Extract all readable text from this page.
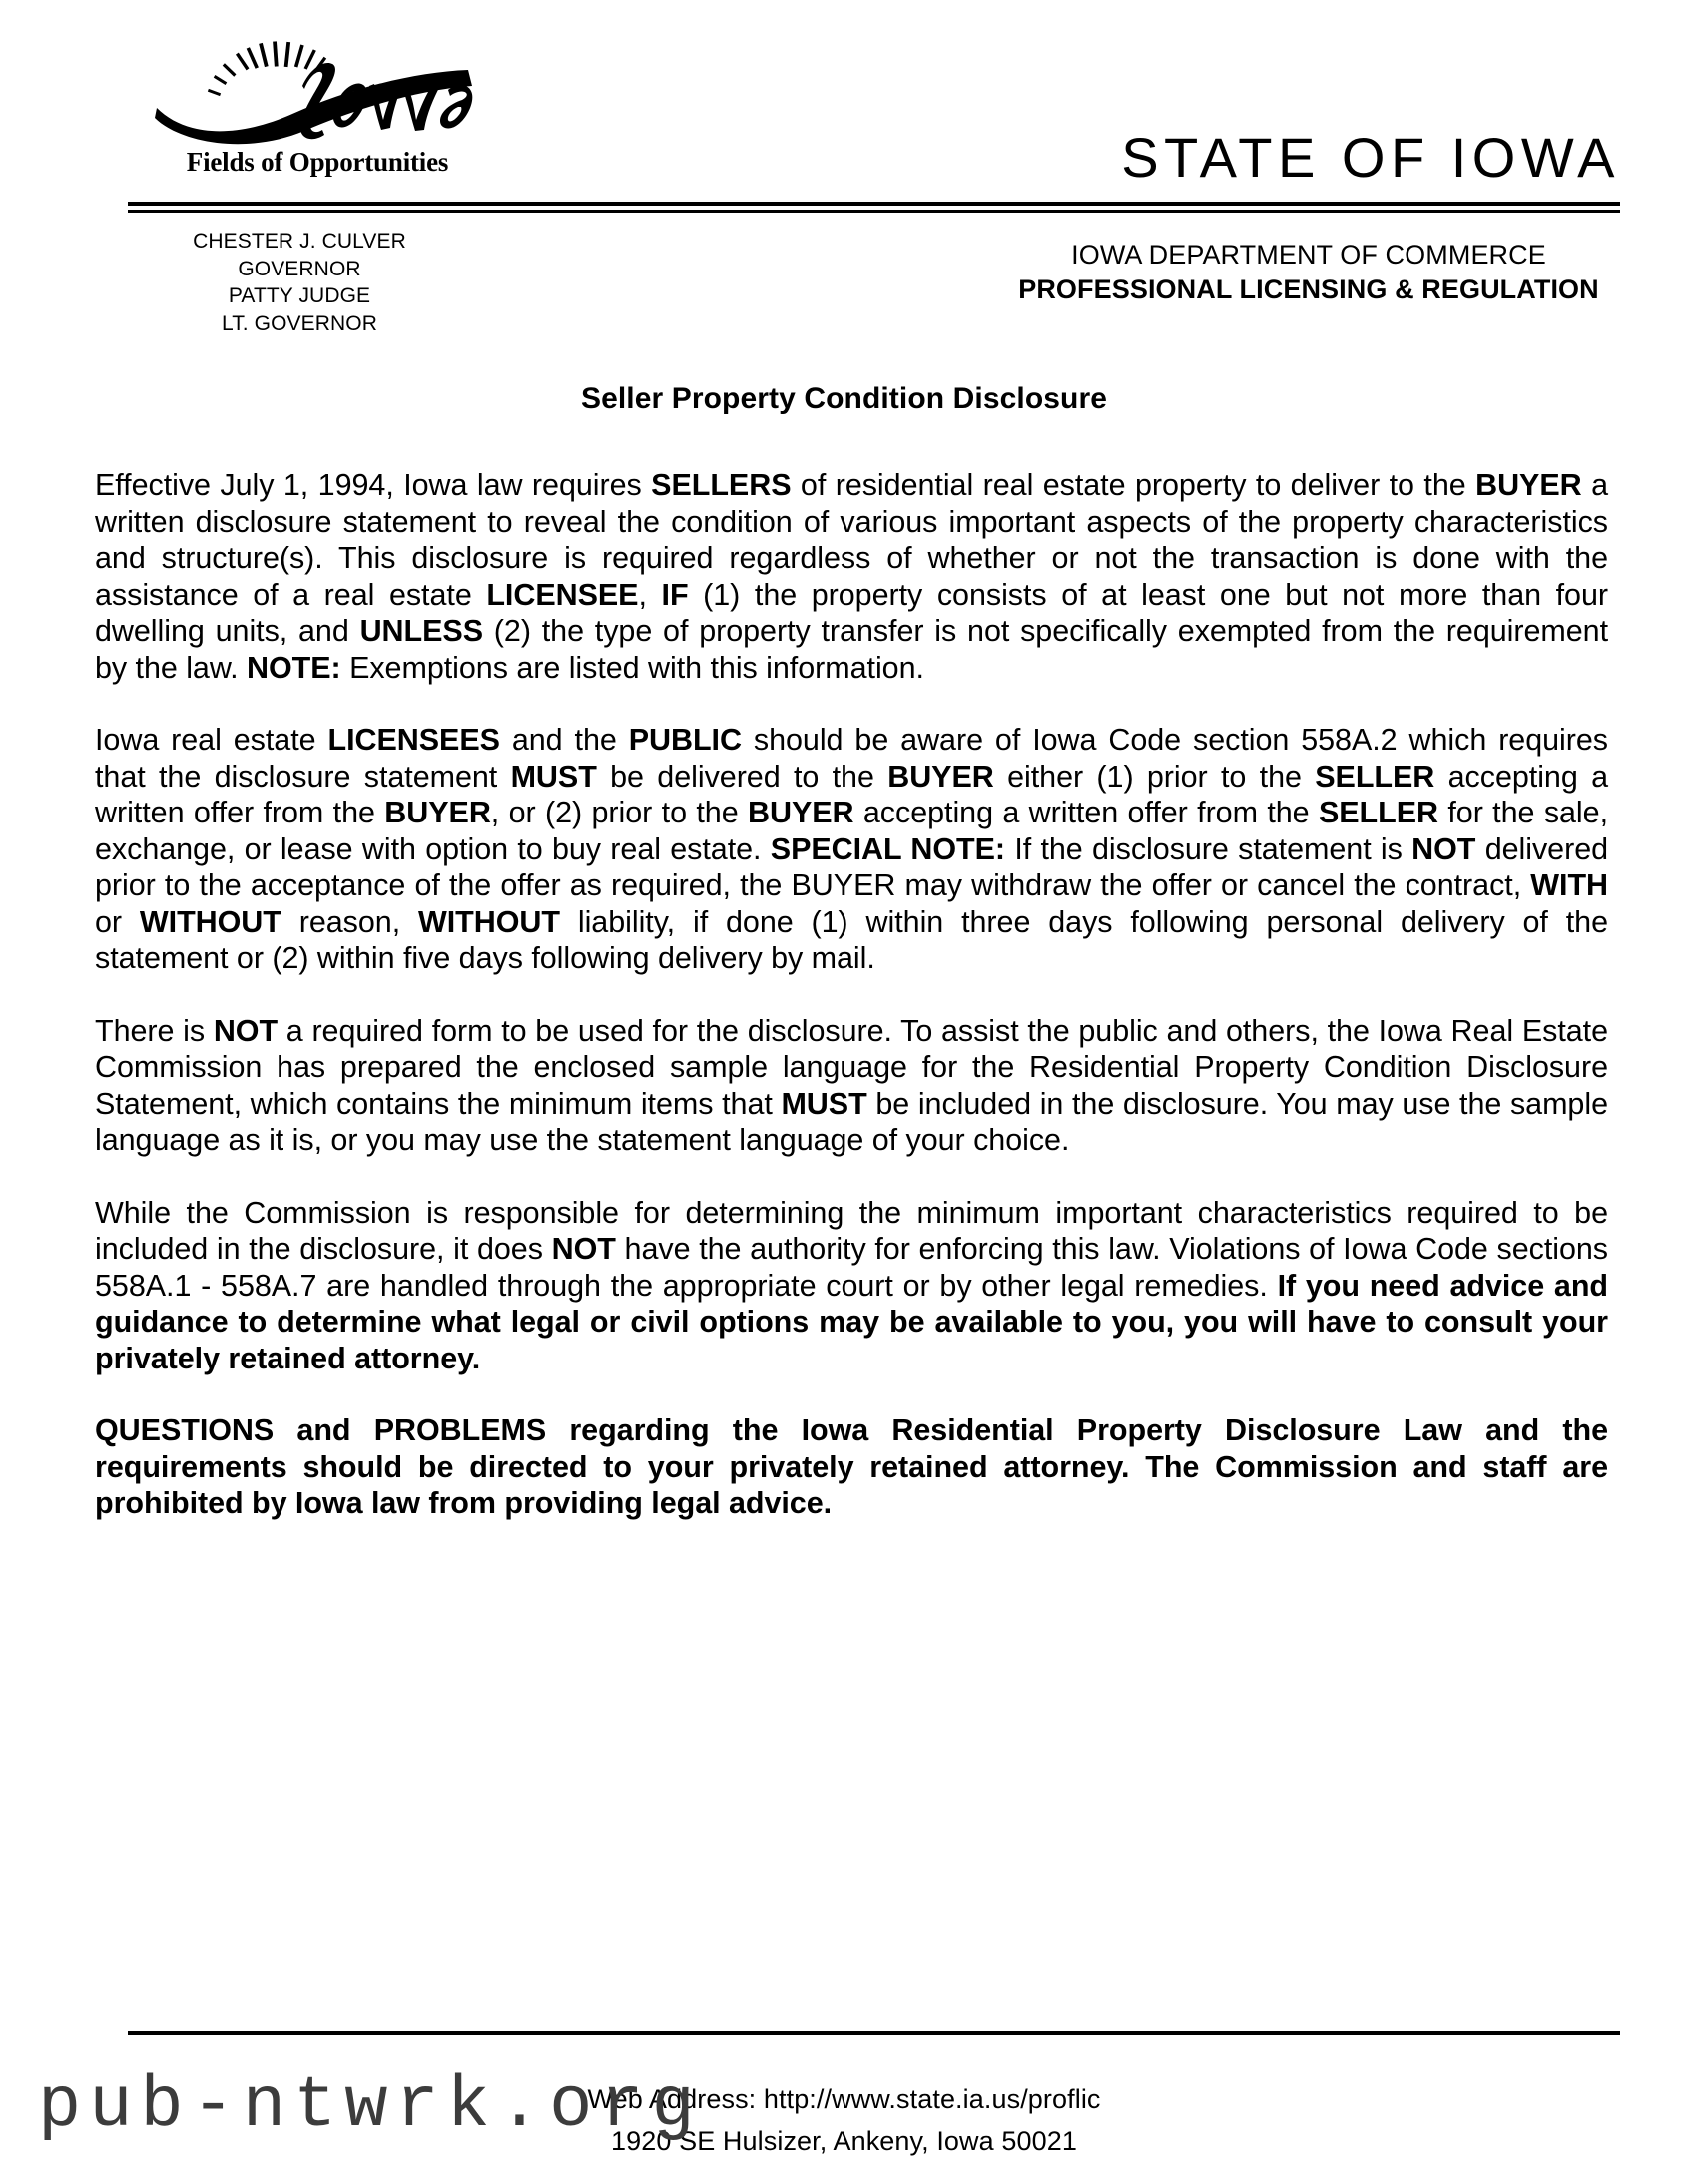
Fields of Opportunities	STATE OF IOWA
CHESTER J. CULVER
GOVERNOR
PATTY JUDGE
LT. GOVERNOR
IOWA DEPARTMENT OF COMMERCE
PROFESSIONAL LICENSING & REGULATION
Seller Property Condition Disclosure

Effective July 1, 1994, Iowa law requires SELLERS of residential real estate property to deliver to the BUYER a written disclosure statement to reveal the condition of various important aspects of the property characteristics and structure(s). This disclosure is required regardless of whether or not the transaction is done with the assistance of a real estate LICENSEE, IF (1) the property consists of at least one but not more than four dwelling units, and UNLESS (2) the type of property transfer is not specifically exempted from the requirement by the law. NOTE: Exemptions are listed with this information.

Iowa real estate LICENSEES and the PUBLIC should be aware of Iowa Code section 558A.2 which requires that the disclosure statement MUST be delivered to the BUYER either (1) prior to the SELLER accepting a written offer from the BUYER, or (2) prior to the BUYER accepting a written offer from the SELLER for the sale, exchange, or lease with option to buy real estate. SPECIAL NOTE: If the disclosure statement is NOT delivered prior to the acceptance of the offer as required, the BUYER may withdraw the offer or cancel the contract, WITH or WITHOUT reason, WITHOUT liability, if done (1) within three days following personal delivery of the statement or (2) within five days following delivery by mail.

There is NOT a required form to be used for the disclosure. To assist the public and others, the Iowa Real Estate Commission has prepared the enclosed sample language for the Residential Property Condition Disclosure Statement, which contains the minimum items that MUST be included in the disclosure. You may use the sample language as it is, or you may use the statement language of your choice.

While the Commission is responsible for determining the minimum important characteristics required to be included in the disclosure, it does NOT have the authority for enforcing this law. Violations of Iowa Code sections 558A.1 - 558A.7 are handled through the appropriate court or by other legal remedies. If you need advice and guidance to determine what legal or civil options may be available to you, you will have to consult your privately retained attorney.

QUESTIONS and PROBLEMS regarding the Iowa Residential Property Disclosure Law and the requirements should be directed to your privately retained attorney. The Commission and staff are prohibited by Iowa law from providing legal advice.

Web Address: http://www.state.ia.us/proflic
1920 SE Hulsizer, Ankeny, Iowa 50021
pub-ntwrk.org
